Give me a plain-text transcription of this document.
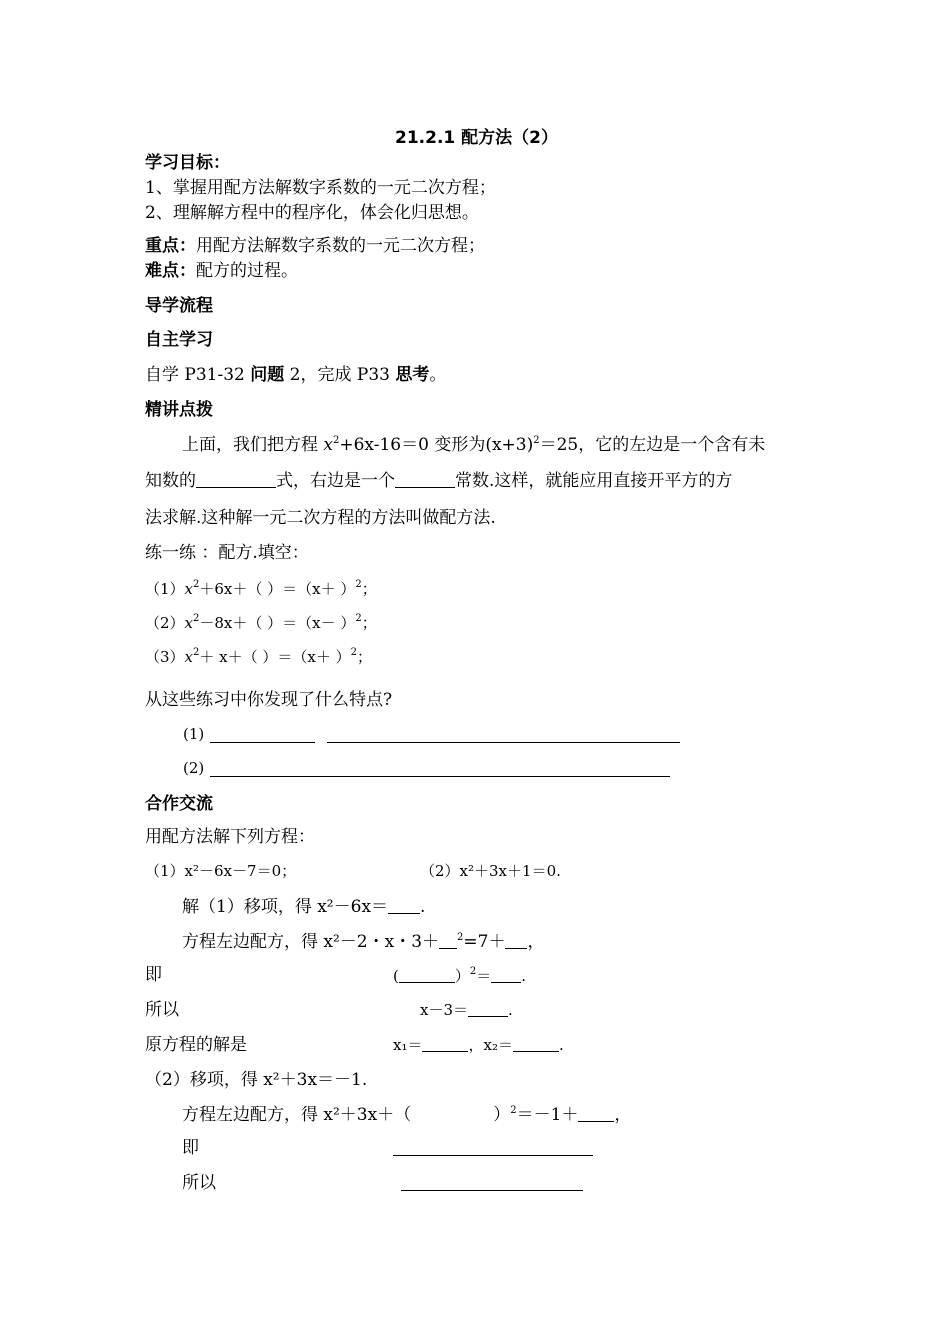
21.2.1 配方法（2）
学习目标：
1、掌握用配方法解数字系数的一元二次方程；
2、理解解方程中的程序化，体会化归思想。
重点：用配方法解数字系数的一元二次方程；
难点：配方的过程。
导学流程
自主学习
自学 P31-32 问题 2，完成 P33 思考。
精讲点拨
上面，我们把方程 $x^2+6x-16=0$ 变形为$(x+3)^2=25$，它的左边是一个含有未
知数的	式，右边是一个	常数.这样，就能应用直接开平方的方
法求解.这种解一元二次方程的方法叫做配方法.
练一练 ：配方.填空：
$(1)x^2+6x+$（ ）$=(x+ )^2$；
$(2)x^2-8x+$（ ）$=(x- )^2$；
$(3)x^2+ x+$（ ）$=(x+ )^2$；
从这些练习中你发现了什么特点?
(1)
(2)
合作交流
用配方法解下列方程：
（1）x²－6x－7＝0；	（2）x²＋3x＋1＝0.
解（1）移项，得 x²－6x＝ .
方程左边配方，得 x²－2・x・3＋ $^2$=7＋ ，
即	(	）$^2$＝ .
所以	x－3＝	.
原方程的解是	x₁＝	，x₂＝	.
（2）移项，得 x²＋3x＝－1.
方程左边配方，得 x²＋3x＋（	）$^2$＝－1＋ ，
即
所以
